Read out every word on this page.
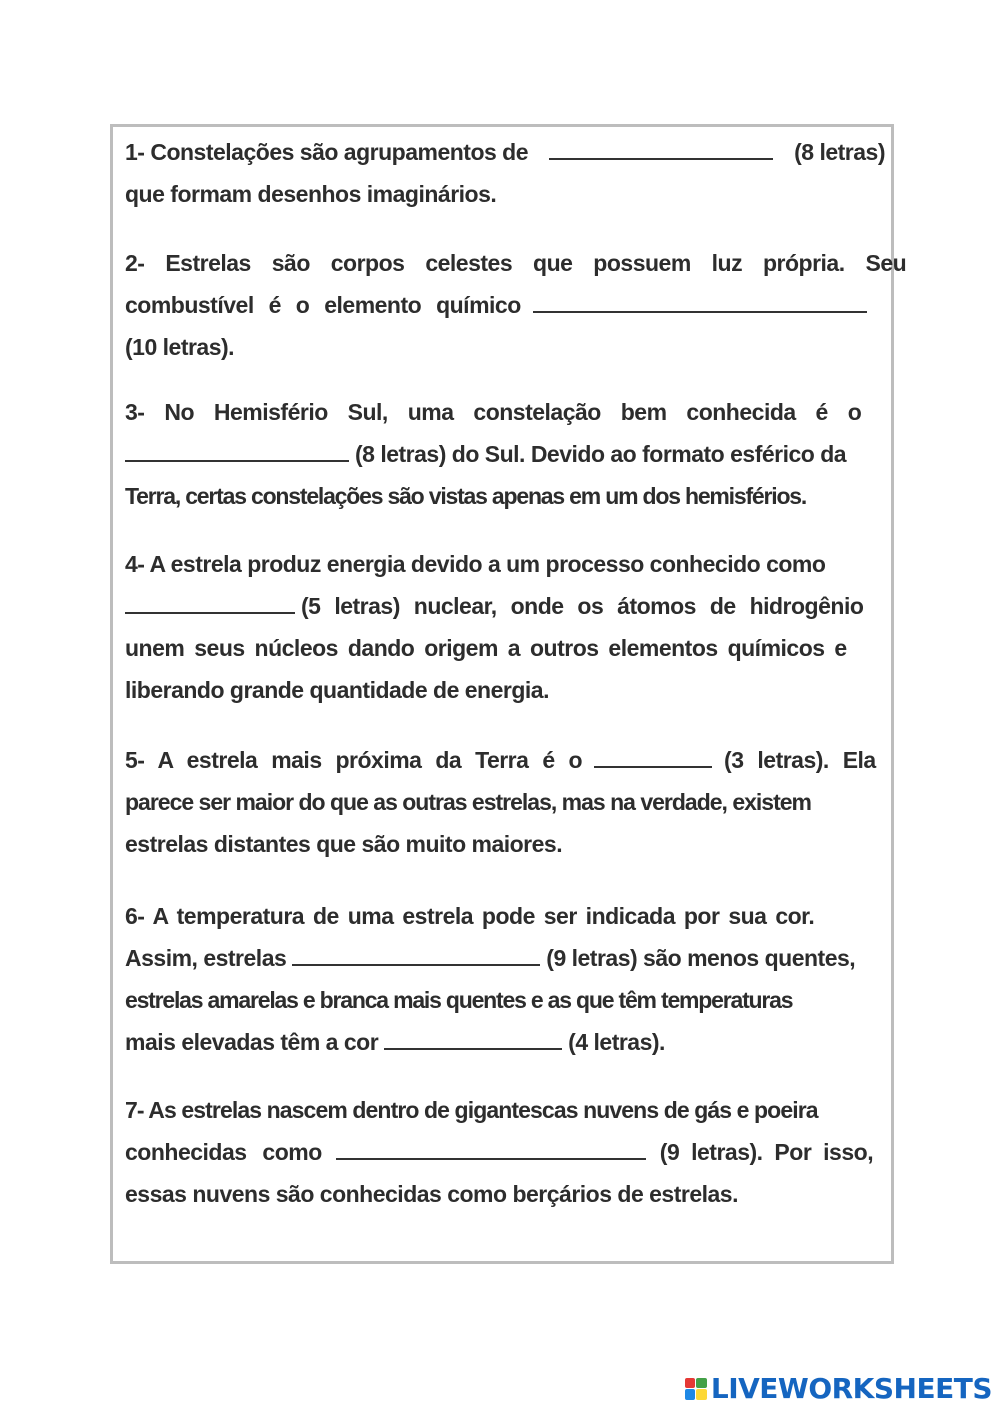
1- Constelações são agrupamentos de	(8 letras)
que formam desenhos imaginários.
2- Estrelas são corpos celestes que possuem luz própria. Seu
combustível é o elemento químico
(10 letras).
3- No Hemisfério Sul, uma constelação bem conhecida é o
(8 letras) do Sul. Devido ao formato esférico da
Terra, certas constelações são vistas apenas em um dos hemisférios.
4- A estrela produz energia devido a um processo conhecido como
(5 letras) nuclear, onde os átomos de hidrogênio
unem seus núcleos dando origem a outros elementos químicos e
liberando grande quantidade de energia.
5- A estrela mais próxima da Terra é o	(3 letras). Ela
parece ser maior do que as outras estrelas, mas na verdade, existem
estrelas distantes que são muito maiores.
6- A temperatura de uma estrela pode ser indicada por sua cor.
Assim, estrelas	(9 letras) são menos quentes,
estrelas amarelas e branca mais quentes e as que têm temperaturas
mais elevadas têm a cor	(4 letras).
7- As estrelas nascem dentro de gigantescas nuvens de gás e poeira
conhecidas como	(9 letras). Por isso,
essas nuvens são conhecidas como berçários de estrelas.
LIVEWORKSHEETS
